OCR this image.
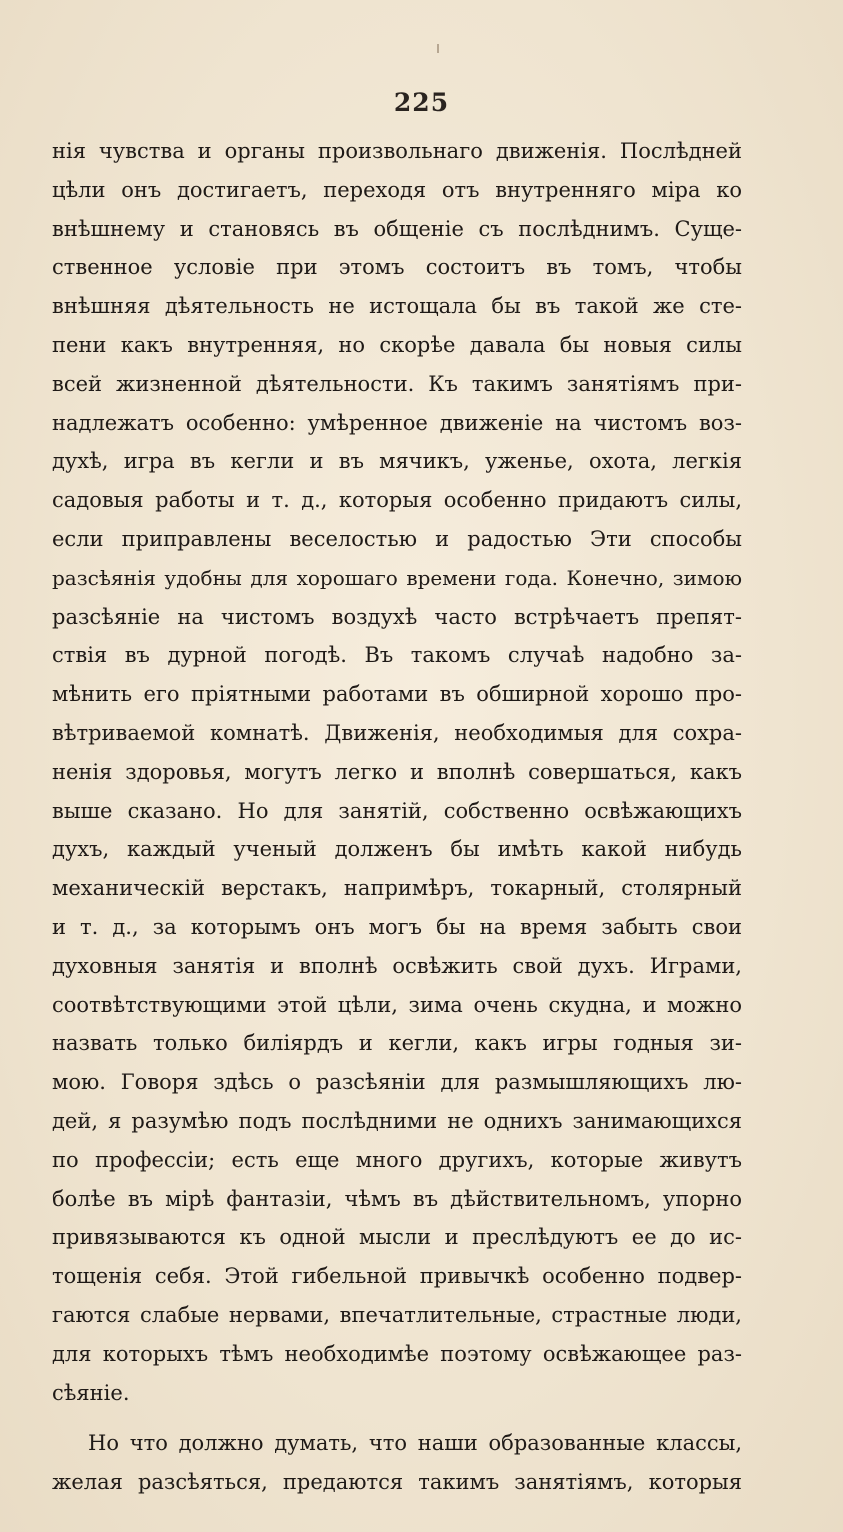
225
нія чувства и органы произвольнаго движенія. Послѣдней
цѣли онъ достигаетъ, переходя отъ внутренняго міра ко
внѣшнему и становясь въ общеніе съ послѣднимъ. Суще-
ственное условіе при этомъ состоитъ въ томъ, чтобы
внѣшняя дѣятельность не истощала бы въ такой же сте-
пени какъ внутренняя, но скорѣе давала бы новыя силы
всей жизненной дѣятельности. Къ такимъ занятіямъ при-
надлежатъ особенно: умѣренное движеніе на чистомъ воз-
духѣ, игра въ кегли и въ мячикъ, уженье, охота, легкія
садовыя работы и т. д., которыя особенно придаютъ силы,
если приправлены веселостью и радостью Эти способы
разсѣянія удобны для хорошаго времени года. Конечно, зимою
разсѣяніе на чистомъ воздухѣ часто встрѣчаетъ препят-
ствія въ дурной погодѣ. Въ такомъ случаѣ надобно за-
мѣнить его пріятными работами въ обширной хорошо про-
вѣтриваемой комнатѣ. Движенія, необходимыя для сохра-
ненія здоровья, могутъ легко и вполнѣ совершаться, какъ
выше сказано. Но для занятій, собственно освѣжающихъ
духъ, каждый ученый долженъ бы имѣть какой нибудь
механическій верстакъ, напримѣръ, токарный, столярный
и т. д., за которымъ онъ могъ бы на время забыть свои
духовныя занятія и вполнѣ освѣжить свой духъ. Играми,
соотвѣтствующими этой цѣли, зима очень скудна, и можно
назвать только биліярдъ и кегли, какъ игры годныя зи-
мою. Говоря здѣсь о разсѣяніи для размышляющихъ лю-
дей, я разумѣю подъ послѣдними не однихъ занимающихся
по профессіи; есть еще много другихъ, которые живутъ
болѣе въ мірѣ фантазіи, чѣмъ въ дѣйствительномъ, упорно
привязываются къ одной мысли и преслѣдуютъ ее до ис-
тощенія себя. Этой гибельной привычкѣ особенно подвер-
гаются слабые нервами, впечатлительные, страстные люди,
для которыхъ тѣмъ необходимѣе поэтому освѣжающее раз-
сѣяніе.
Но что должно думать, что наши образованные классы,
желая разсѣяться, предаются такимъ занятіямъ, которыя
